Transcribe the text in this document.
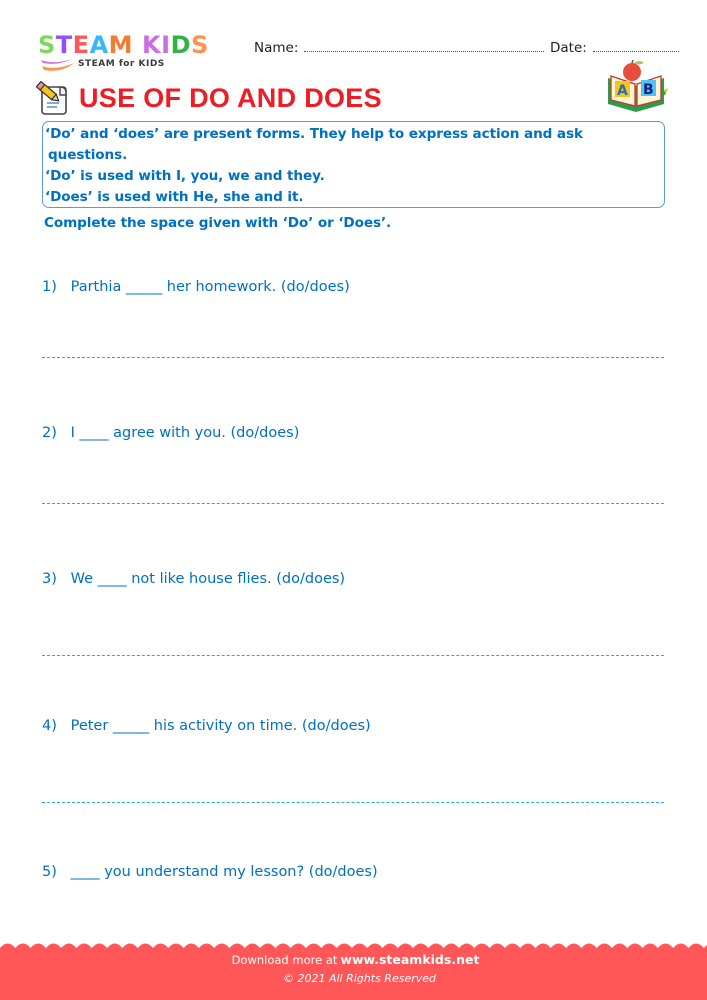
STEAM KIDS
STEAM for KIDS
Name:	Date:
USE OF DO AND DOES	A B

‘Do’ and ‘does’ are present forms. They help to express action and ask

questions.

‘Do’ is used with I, you, we and they.

‘Does’ is used with He, she and it.

Complete the space given with ‘Do’ or ‘Does’.
1) Parthia _____ her homework. (do/does)
2) I ____ agree with you. (do/does)
3) We ____ not like house flies. (do/does)
4) Peter _____ his activity on time. (do/does)
5) ____ you understand my lesson? (do/does)
Download more at www.steamkids.net
© 2021 All Rights Reserved
